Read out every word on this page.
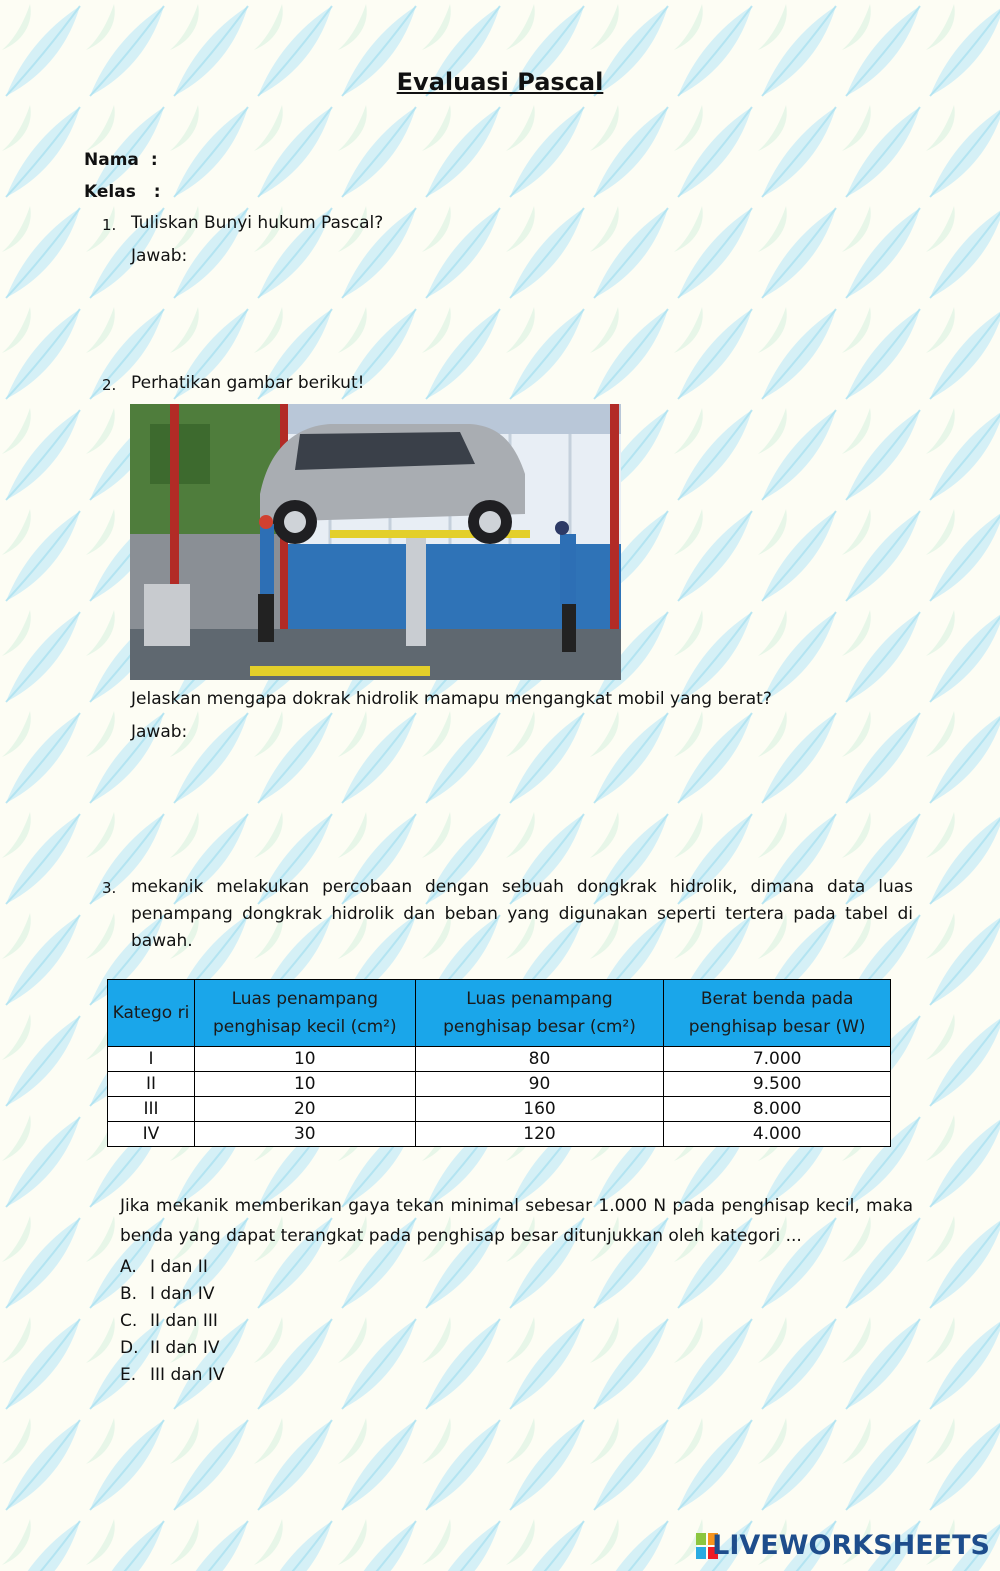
Evaluasi Pascal
Nama :
Kelas :
1. Tuliskan Bunyi hukum Pascal?
Jawab:
2. Perhatikan gambar berikut!
Jelaskan mengapa dokrak hidrolik mamapu mengangkat mobil yang berat?
Jawab:
3. mekanik melakukan percobaan dengan sebuah dongkrak hidrolik, dimana data luas penampang dongkrak hidrolik dan beban yang digunakan seperti tertera pada tabel di bawah.
Katego ri	Luas penampang penghisap kecil (cm²)	Luas penampang penghisap besar (cm²)	Berat benda pada penghisap besar (W)
I	10	80	7.000
II	10	90	9.500
III	20	160	8.000
IV	30	120	4.000
Jika mekanik memberikan gaya tekan minimal sebesar 1.000 N pada penghisap kecil, maka benda yang dapat terangkat pada penghisap besar ditunjukkan oleh kategori ...
A. I dan II
B. I dan IV
C. II dan III
D. II dan IV
E. III dan IV
LIVEWORKSHEETS
